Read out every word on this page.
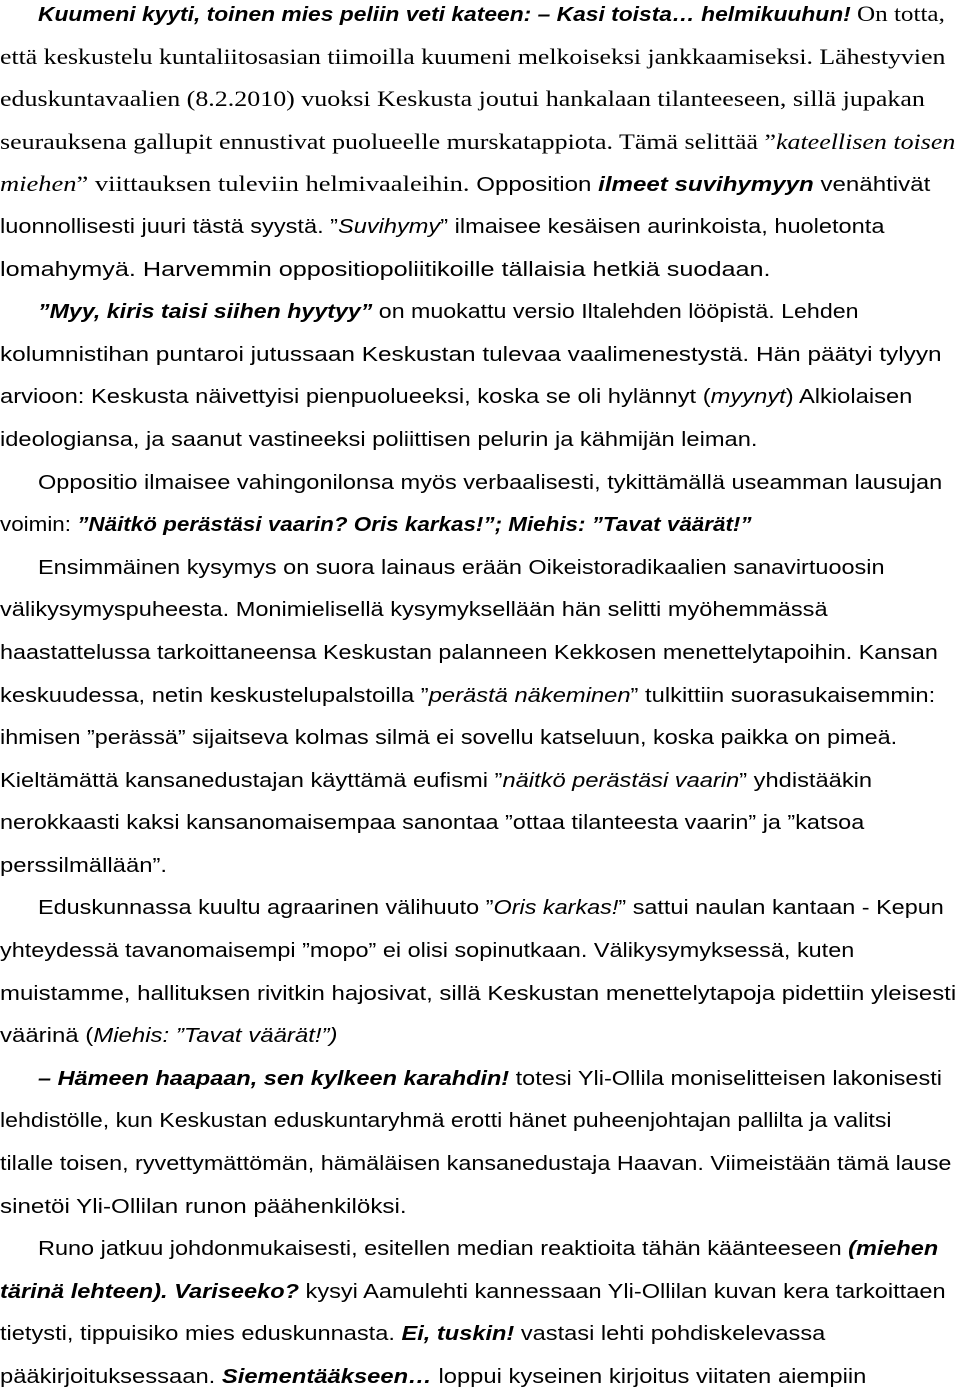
Kuumeni kyyti, toinen mies peliin veti kateen: – Kasi toista… helmikuuhun! On totta,
että keskustelu kuntaliitosasian tiimoilla kuumeni melkoiseksi jankkaamiseksi. Lähestyvien
eduskuntavaalien (8.2.2010) vuoksi Keskusta joutui hankalaan tilanteeseen, sillä jupakan
seurauksena gallupit ennustivat puolueelle murskatappiota. Tämä selittää ”kateellisen toisen
miehen” viittauksen tuleviin helmivaaleihin. Opposition ilmeet suvihymyyn venähtivät
luonnollisesti juuri tästä syystä. ”Suvihymy” ilmaisee kesäisen aurinkoista, huoletonta
lomahymyä. Harvemmin oppositiopoliitikoille tällaisia hetkiä suodaan.
”Myy, kiris taisi siihen hyytyy” on muokattu versio Iltalehden lööpistä. Lehden
kolumnistihan puntaroi jutussaan Keskustan tulevaa vaalimenestystä. Hän päätyi tylyyn
arvioon: Keskusta näivettyisi pienpuolueeksi, koska se oli hylännyt (myynyt) Alkiolaisen
ideologiansa, ja saanut vastineeksi poliittisen pelurin ja kähmijän leiman.
Oppositio ilmaisee vahingonilonsa myös verbaalisesti, tykittämällä useamman lausujan
voimin: ”Näitkö perästäsi vaarin? Oris karkas!”; Miehis: ”Tavat väärät!”
Ensimmäinen kysymys on suora lainaus erään Oikeistoradikaalien sanavirtuoosin
välikysymyspuheesta. Monimielisellä kysymyksellään hän selitti myöhemmässä
haastattelussa tarkoittaneensa Keskustan palanneen Kekkosen menettelytapoihin. Kansan
keskuudessa, netin keskustelupalstoilla ”perästä näkeminen” tulkittiin suorasukaisemmin:
ihmisen ”perässä” sijaitseva kolmas silmä ei sovellu katseluun, koska paikka on pimeä.
Kieltämättä kansanedustajan käyttämä eufismi ”näitkö perästäsi vaarin” yhdistääkin
nerokkaasti kaksi kansanomaisempaa sanontaa ”ottaa tilanteesta vaarin” ja ”katsoa
perssilmällään”.
Eduskunnassa kuultu agraarinen välihuuto ”Oris karkas!” sattui naulan kantaan - Kepun
yhteydessä tavanomaisempi ”mopo” ei olisi sopinutkaan. Välikysymyksessä, kuten
muistamme, hallituksen rivitkin hajosivat, sillä Keskustan menettelytapoja pidettiin yleisesti
väärinä (Miehis: ”Tavat väärät!”)
– Hämeen haapaan, sen kylkeen karahdin! totesi Yli-Ollila moniselitteisen lakonisesti
lehdistölle, kun Keskustan eduskuntaryhmä erotti hänet puheenjohtajan pallilta ja valitsi
tilalle toisen, ryvettymättömän, hämäläisen kansanedustaja Haavan. Viimeistään tämä lause
sinetöi Yli-Ollilan runon päähenkilöksi.
Runo jatkuu johdonmukaisesti, esitellen median reaktioita tähän käänteeseen (miehen
tärinä lehteen). Variseeko? kysyi Aamulehti kannessaan Yli-Ollilan kuvan kera tarkoittaen
tietysti, tippuisiko mies eduskunnasta. Ei, tuskin! vastasi lehti pohdiskelevassa
pääkirjoituksessaan. Siementääkseen… loppui kyseinen kirjoitus viitaten aiempiin
